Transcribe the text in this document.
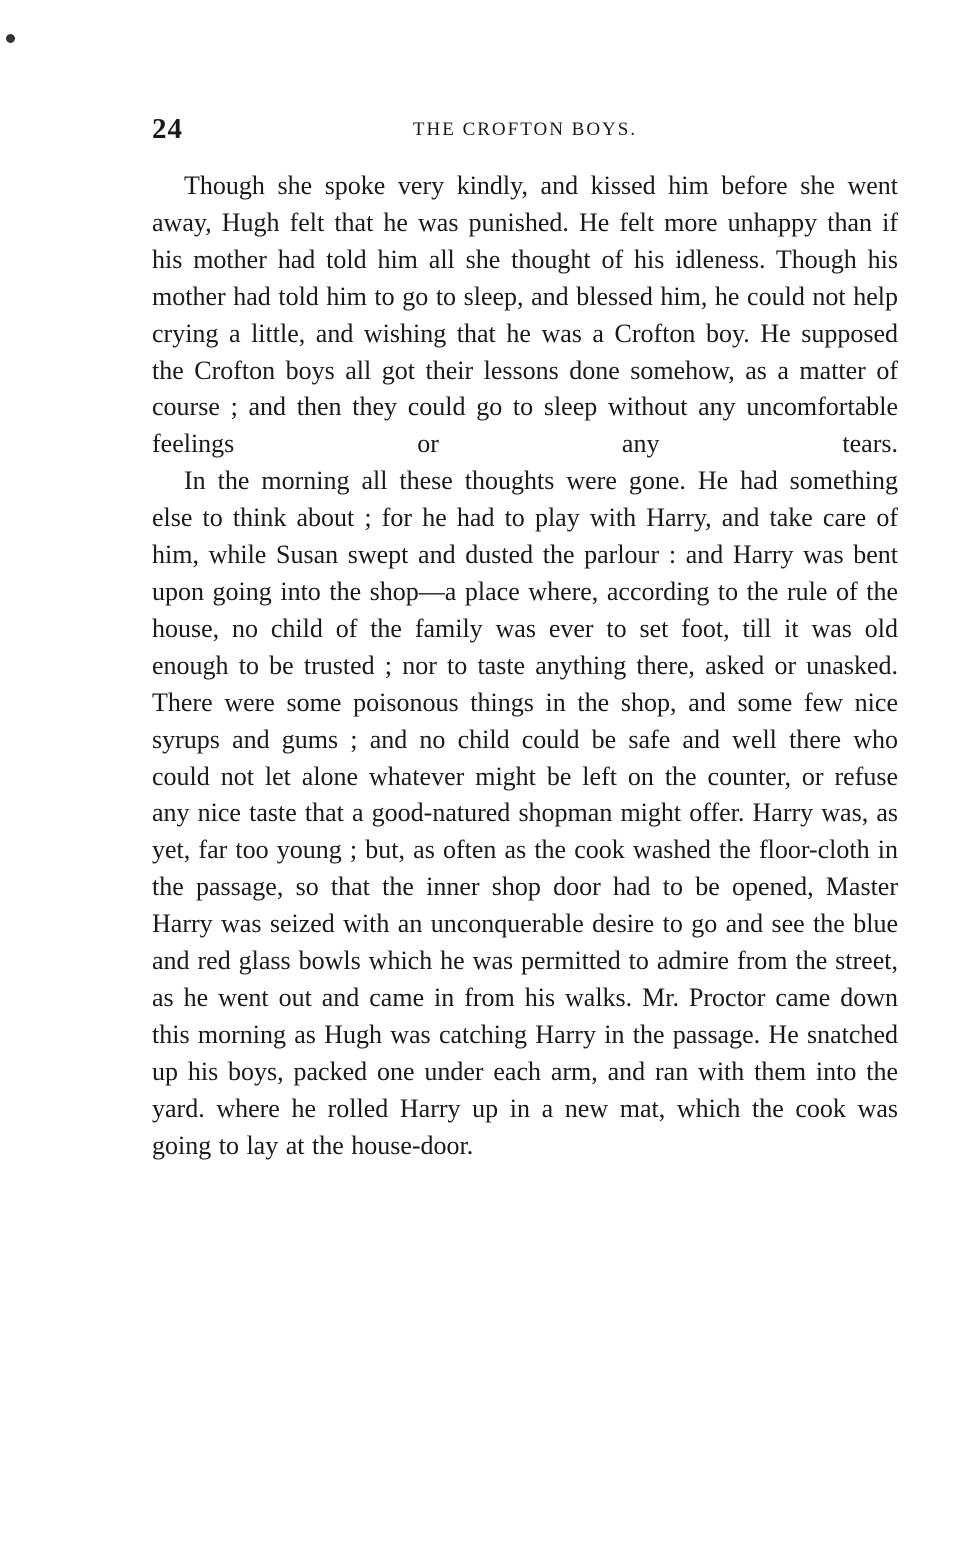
24	THE CROFTON BOYS.

Though she spoke very kindly, and kissed him before she went away, Hugh felt that he was punished. He felt more unhappy than if his mother had told him all she thought of his idleness. Though his mother had told him to go to sleep, and blessed him, he could not help crying a little, and wishing that he was a Crofton boy. He supposed the Crofton boys all got their lessons done somehow, as a matter of course ; and then they could go to sleep without any uncomfortable feelings or any tears.

In the morning all these thoughts were gone. He had something else to think about ; for he had to play with Harry, and take care of him, while Susan swept and dusted the parlour : and Harry was bent upon going into the shop—a place where, according to the rule of the house, no child of the family was ever to set foot, till it was old enough to be trusted ; nor to taste anything there, asked or unasked. There were some poisonous things in the shop, and some few nice syrups and gums ; and no child could be safe and well there who could not let alone whatever might be left on the counter, or refuse any nice taste that a good-natured shopman might offer. Harry was, as yet, far too young ; but, as often as the cook washed the floor-cloth in the passage, so that the inner shop door had to be opened, Master Harry was seized with an unconquerable desire to go and see the blue and red glass bowls which he was permitted to admire from the street, as he went out and came in from his walks. Mr. Proctor came down this morning as Hugh was catching Harry in the passage. He snatched up his boys, packed one under each arm, and ran with them into the yard. where he rolled Harry up in a new mat, which the cook was going to lay at the house-door.
